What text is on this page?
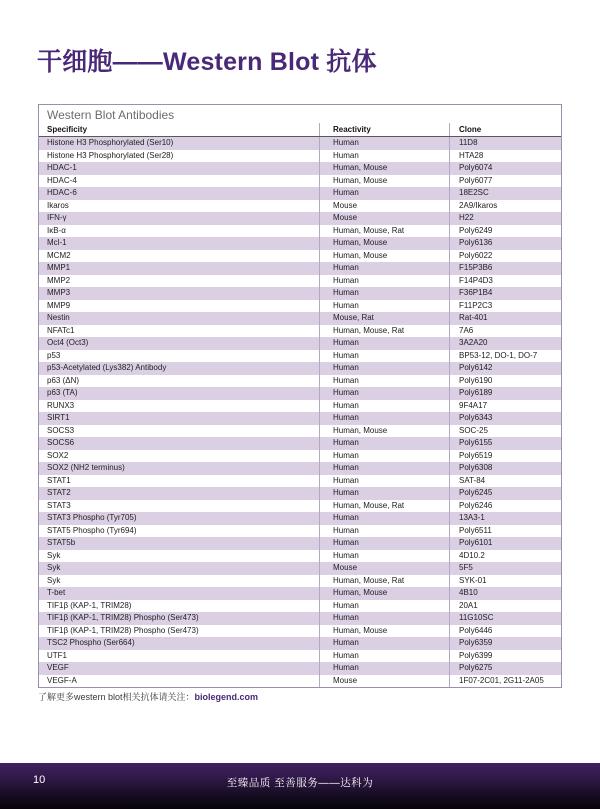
干细胞——Western Blot 抗体
Western Blot Antibodies
Specificity	Reactivity	Clone
Histone H3 Phosphorylated (Ser10)	Human	11D8
Histone H3 Phosphorylated (Ser28)	Human	HTA28
HDAC-1	Human, Mouse	Poly6074
HDAC-4	Human, Mouse	Poly6077
HDAC-6	Human	18E2SC
Ikaros	Mouse	2A9/Ikaros
IFN-γ	Mouse	H22
IκB-α	Human, Mouse, Rat	Poly6249
Mcl-1	Human, Mouse	Poly6136
MCM2	Human, Mouse	Poly6022
MMP1	Human	F15P3B6
MMP2	Human	F14P4D3
MMP3	Human	F36P1B4
MMP9	Human	F11P2C3
Nestin	Mouse, Rat	Rat-401
NFATc1	Human, Mouse, Rat	7A6
Oct4 (Oct3)	Human	3A2A20
p53	Human	BP53-12, DO-1, DO-7
p53-Acetylated (Lys382) Antibody	Human	Poly6142
p63 (ΔN)	Human	Poly6190
p63 (TA)	Human	Poly6189
RUNX3	Human	9F4A17
SIRT1	Human	Poly6343
SOCS3	Human, Mouse	SOC-25
SOCS6	Human	Poly6155
SOX2	Human	Poly6519
SOX2 (NH2 terminus)	Human	Poly6308
STAT1	Human	SAT-84
STAT2	Human	Poly6245
STAT3	Human, Mouse, Rat	Poly6246
STAT3 Phospho (Tyr705)	Human	13A3-1
STAT5 Phospho (Tyr694)	Human	Poly6511
STAT5b	Human	Poly6101
Syk	Human	4D10.2
Syk	Mouse	5F5
Syk	Human, Mouse, Rat	SYK-01
T-bet	Human, Mouse	4B10
TIF1β (KAP-1, TRIM28)	Human	20A1
TIF1β (KAP-1, TRIM28) Phospho (Ser473)	Human	11G10SC
TIF1β (KAP-1, TRIM28) Phospho (Ser473)	Human, Mouse	Poly6446
TSC2 Phospho (Ser664)	Human	Poly6359
UTF1	Human	Poly6399
VEGF	Human	Poly6275
VEGF-A	Mouse	1F07-2C01, 2G11-2A05
了解更多western blot相关抗体请关注：biolegend.com
10	至臻品质 至善服务——达科为
